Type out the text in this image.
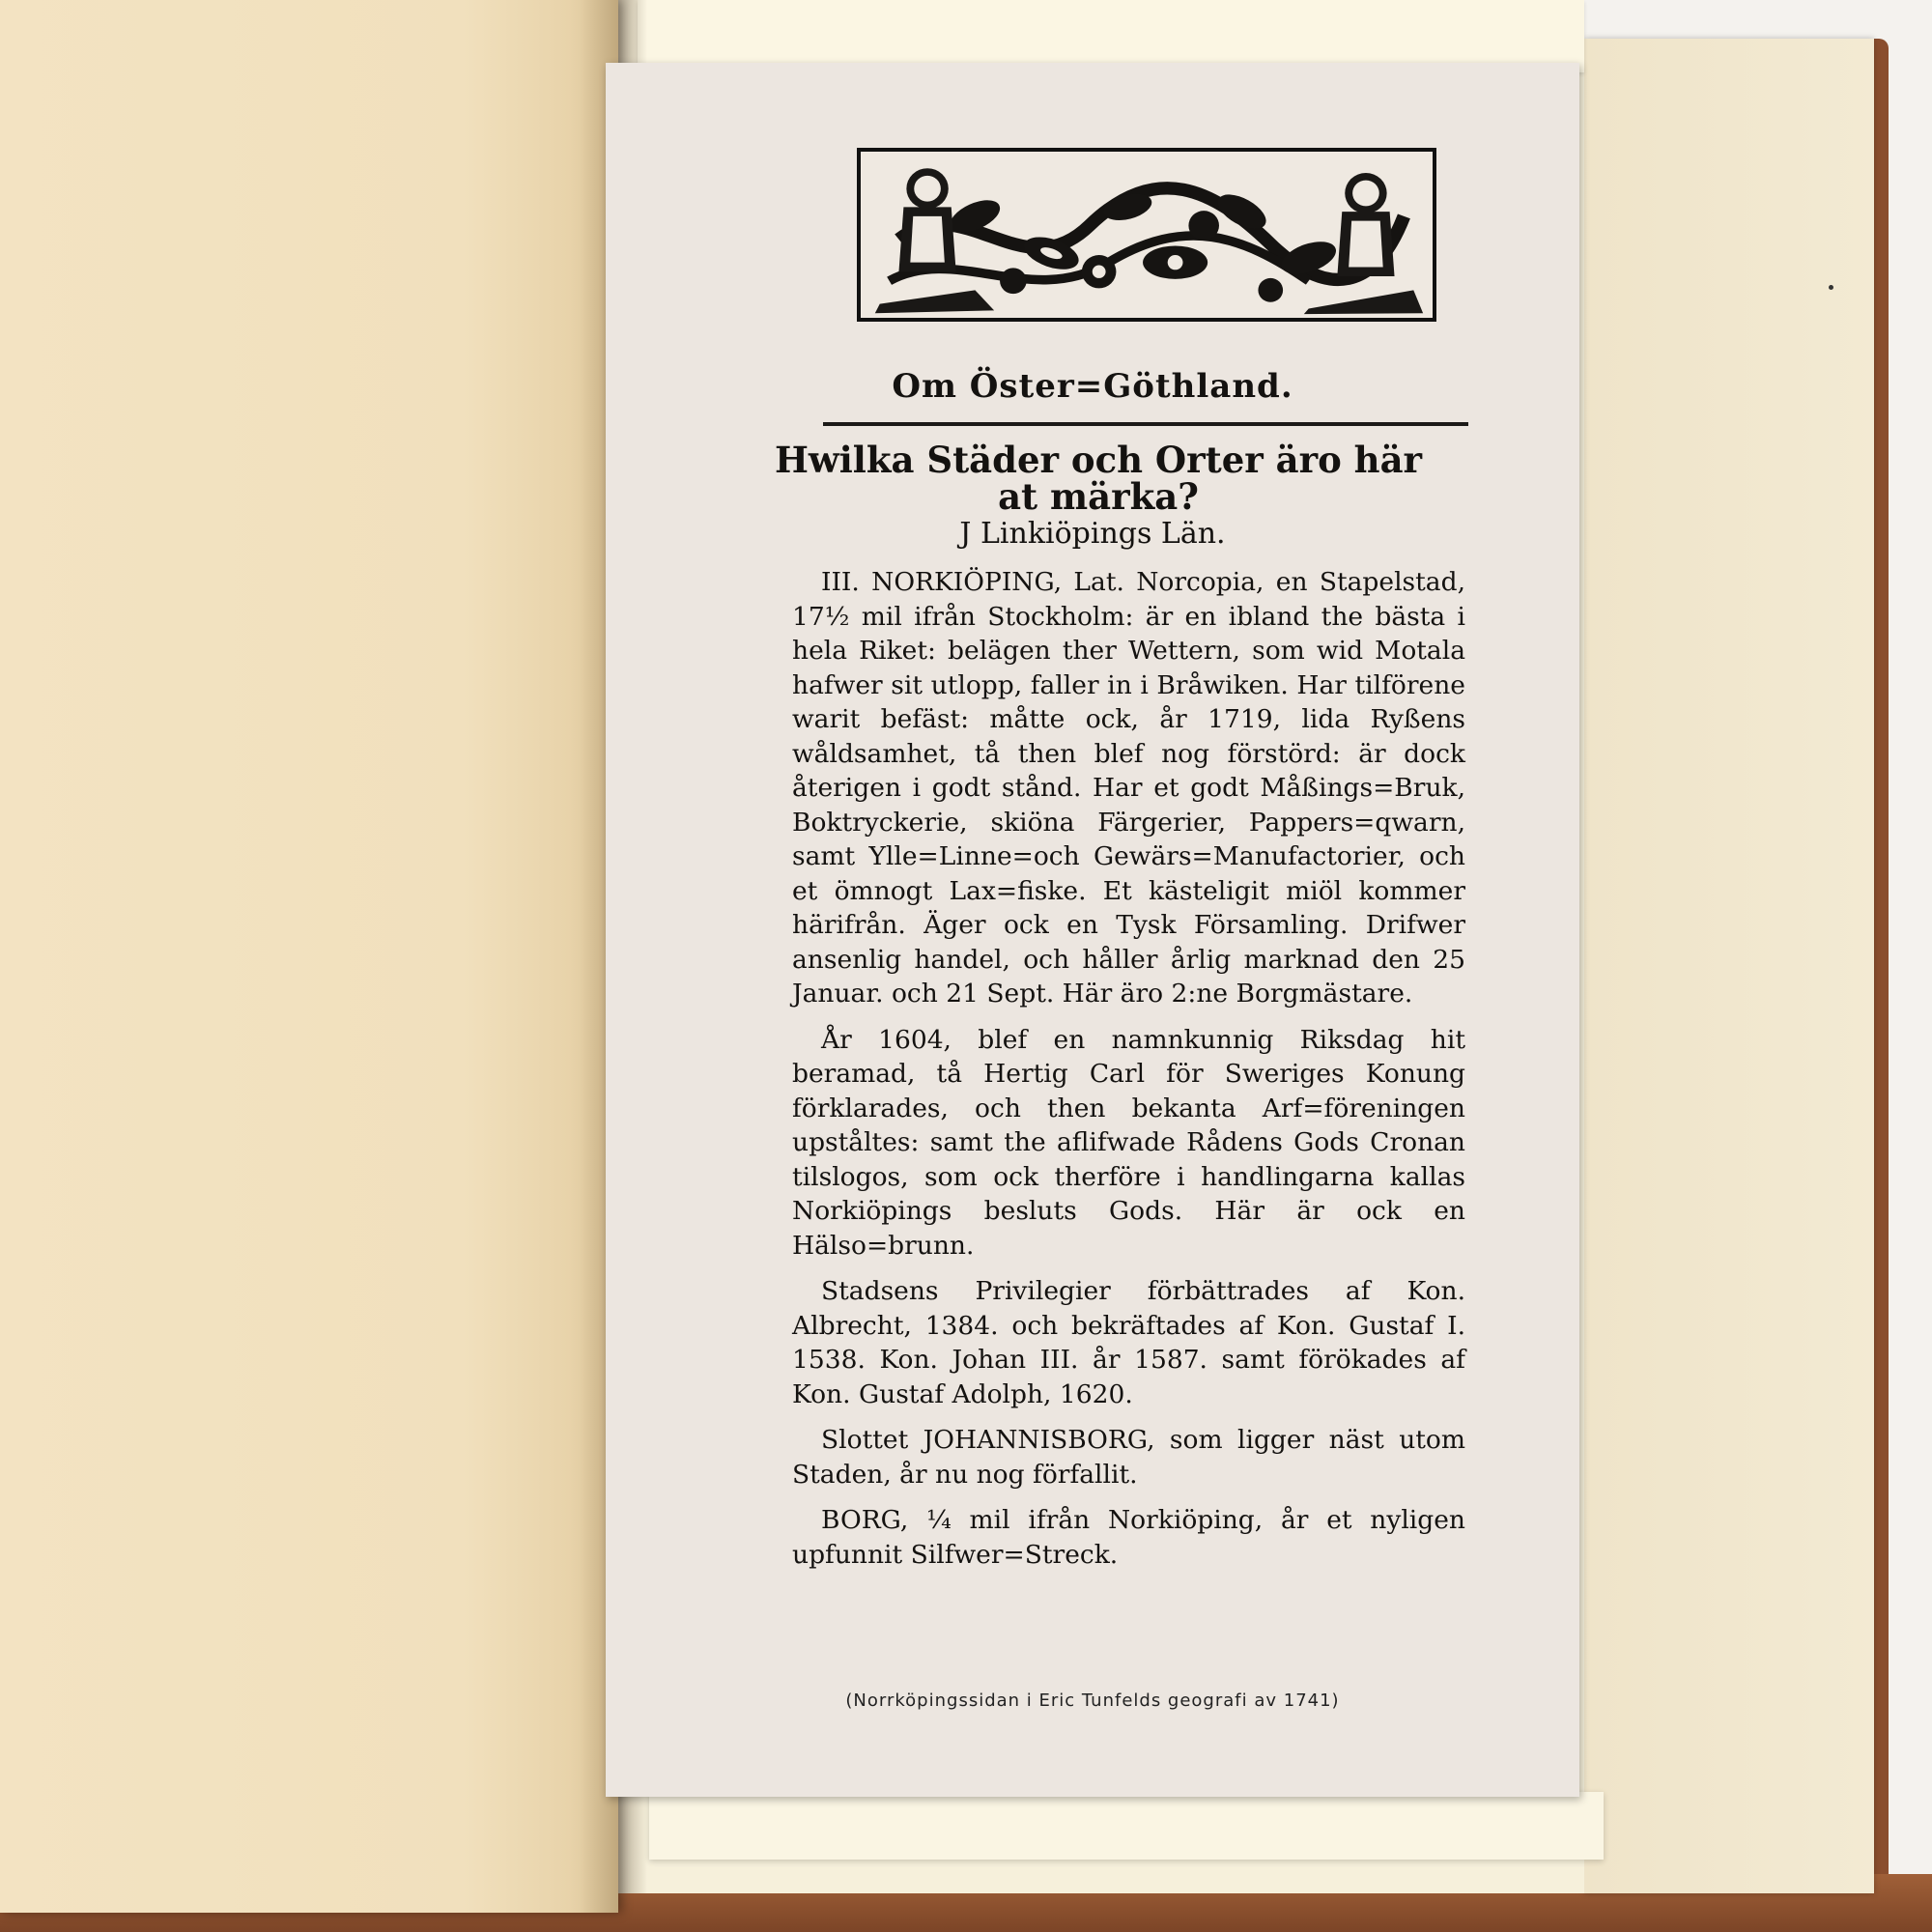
Om Öster=Göthland.
Hwilka Städer och Orter äro här at märka?
J Linkiöpings Län.

III. NORKIÖPING, Lat. Norcopia, en Stapelstad, 17½ mil ifrån Stockholm: är en ibland the bästa i hela Riket: belägen ther Wettern, som wid Motala hafwer sit utlopp, faller in i Bråwiken. Har tilförene warit befäst: måtte ock, år 1719, lida Ryßens wåldsamhet, tå then blef nog förstörd: är dock återigen i godt stånd. Har et godt Måßings=Bruk, Boktryckerie, skiöna Färgerier, Pappers=qwarn, samt Ylle=Linne=och Gewärs=Manufactorier, och et ömnogt Lax=fiske. Et kästeligit miöl kommer härifrån. Äger ock en Tysk Församling. Drifwer ansenlig handel, och håller årlig marknad den 25 Januar. och 21 Sept. Här äro 2:ne Borgmästare.

År 1604, blef en namnkunnig Riksdag hit beramad, tå Hertig Carl för Sweriges Konung förklarades, och then bekanta Arf=föreningen upståltes: samt the aflifwade Rådens Gods Cronan tilslogos, som ock therföre i handlingarna kallas Norkiöpings besluts Gods. Här är ock en Hälso=brunn.

Stadsens Privilegier förbättrades af Kon. Albrecht, 1384. och bekräftades af Kon. Gustaf I. 1538. Kon. Johan III. år 1587. samt förökades af Kon. Gustaf Adolph, 1620.

Slottet JOHANNISBORG, som ligger näst utom Staden, år nu nog förfallit.

BORG, ¼ mil ifrån Norkiöping, år et nyligen upfunnit Silfwer=Streck.

(Norrköpingssidan i Eric Tunfelds geografi av 1741)
